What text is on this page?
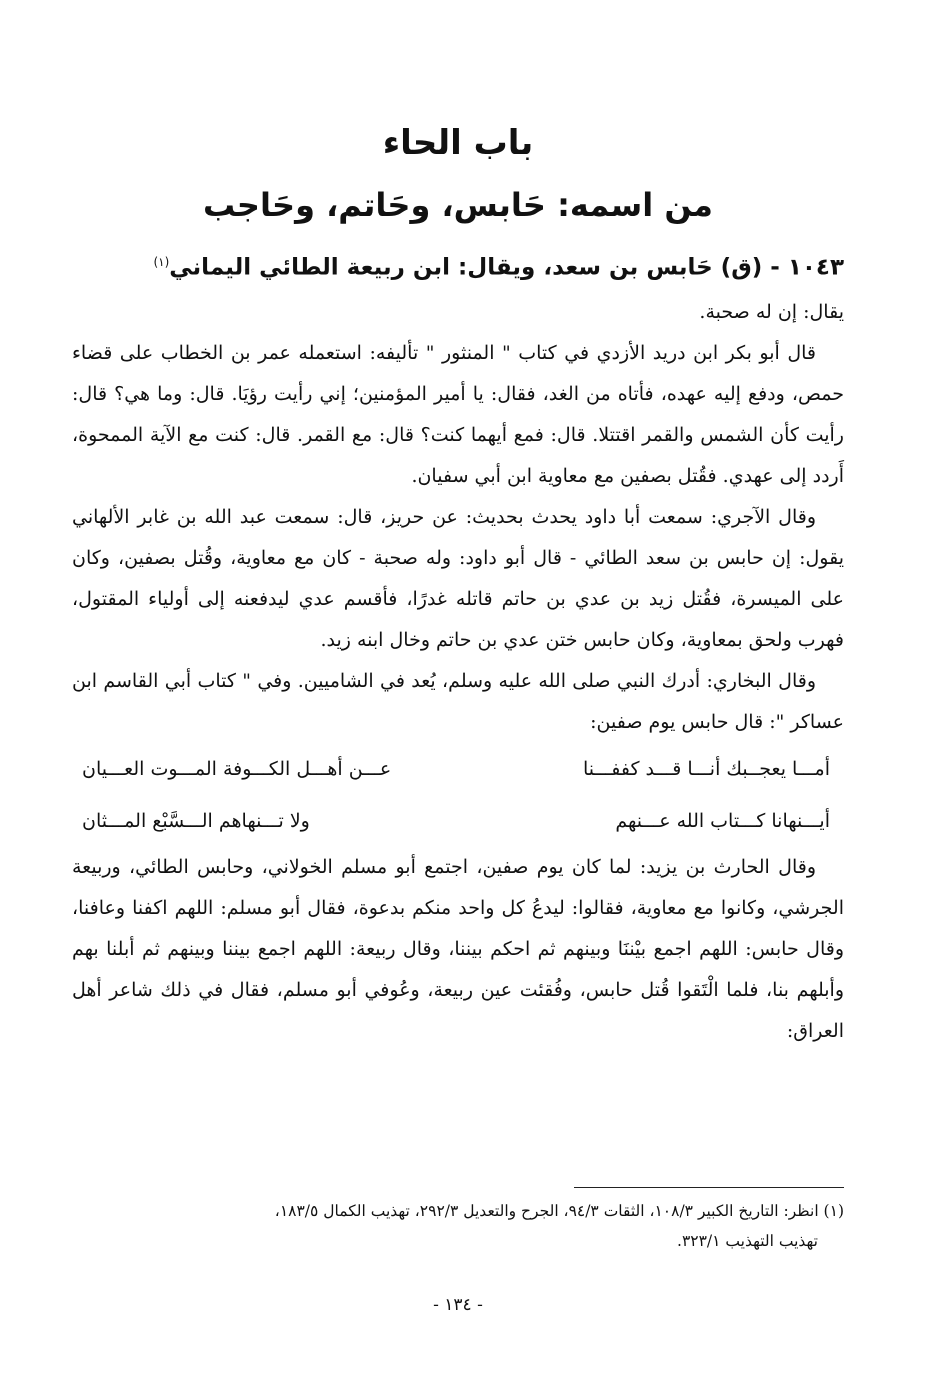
باب الحاء
من اسمه: حَابس، وحَاتم، وحَاجب
١٠٤٣ - (ق) حَابس بن سعد، ويقال: ابن ربيعة الطائي اليماني$^{(١)}$

يقال: إن له صحبة.

قال أبو بكر ابن دريد الأزدي في كتاب " المنثور " تأليفه: استعمله عمر بن الخطاب على قضاء حمص، ودفع إليه عهده، فأتاه من الغد، فقال: يا أمير المؤمنين؛ إني رأيت رؤيَا. قال: وما هي؟ قال: رأيت كأن الشمس والقمر اقتتلا. قال: فمع أيهما كنت؟ قال: مع القمر. قال: كنت مع الآية الممحوة، أَردد إلى عهدي. فقُتل بصفين مع معاوية ابن أبي سفيان.

وقال الآجري: سمعت أبا داود يحدث بحديث: عن حريز، قال: سمعت عبد الله بن غابر الألهاني يقول: إن حابس بن سعد الطائي - قال أبو داود: وله صحبة - كان مع معاوية، وقُتل بصفين، وكان على الميسرة، فقُتل زيد بن عدي بن حاتم قاتله غدرًا، فأقسم عدي ليدفعنه إلى أولياء المقتول، فهرب ولحق بمعاوية، وكان حابس ختن عدي بن حاتم وخال ابنه زيد.

وقال البخاري: أدرك النبي صلى الله عليه وسلم، يُعد في الشاميين. وفي " كتاب أبي القاسم ابن عساكر ": قال حابس يوم صفين:

أمـــا يعجــبك أنـــا قـــد كففـــنا
عـــن أهـــل الكـــوفة المـــوت العـــيان
أيـــنهانا كـــتاب الله عـــنهم
ولا تـــنهاهم الـــسَّبْع المـــثان

وقال الحارث بن يزيد: لما كان يوم صفين، اجتمع أبو مسلم الخولاني، وحابس الطائي، وربيعة الجرشي، وكانوا مع معاوية، فقالوا: ليدعُ كل واحد منكم بدعوة، فقال أبو مسلم: اللهم اكفنا وعافنا، وقال حابس: اللهم اجمع بيْننَا وبينهم ثم احكم بيننا، وقال ربيعة: اللهم اجمع بيننا وبينهم ثم أبلنا بهم وأبلهم بنا، فلما الْتَقوا قُتل حابس، وفُقئت عين ربيعة، وعُوفي أبو مسلم، فقال في ذلك شاعر أهل العراق:

(١) انظر: التاريخ الكبير ١٠٨/٣، الثقات ٩٤/٣، الجرح والتعديل ٢٩٢/٣، تهذيب الكمال ١٨٣/٥،

تهذيب التهذيب ٣٢٣/١.

- ١٣٤ -
